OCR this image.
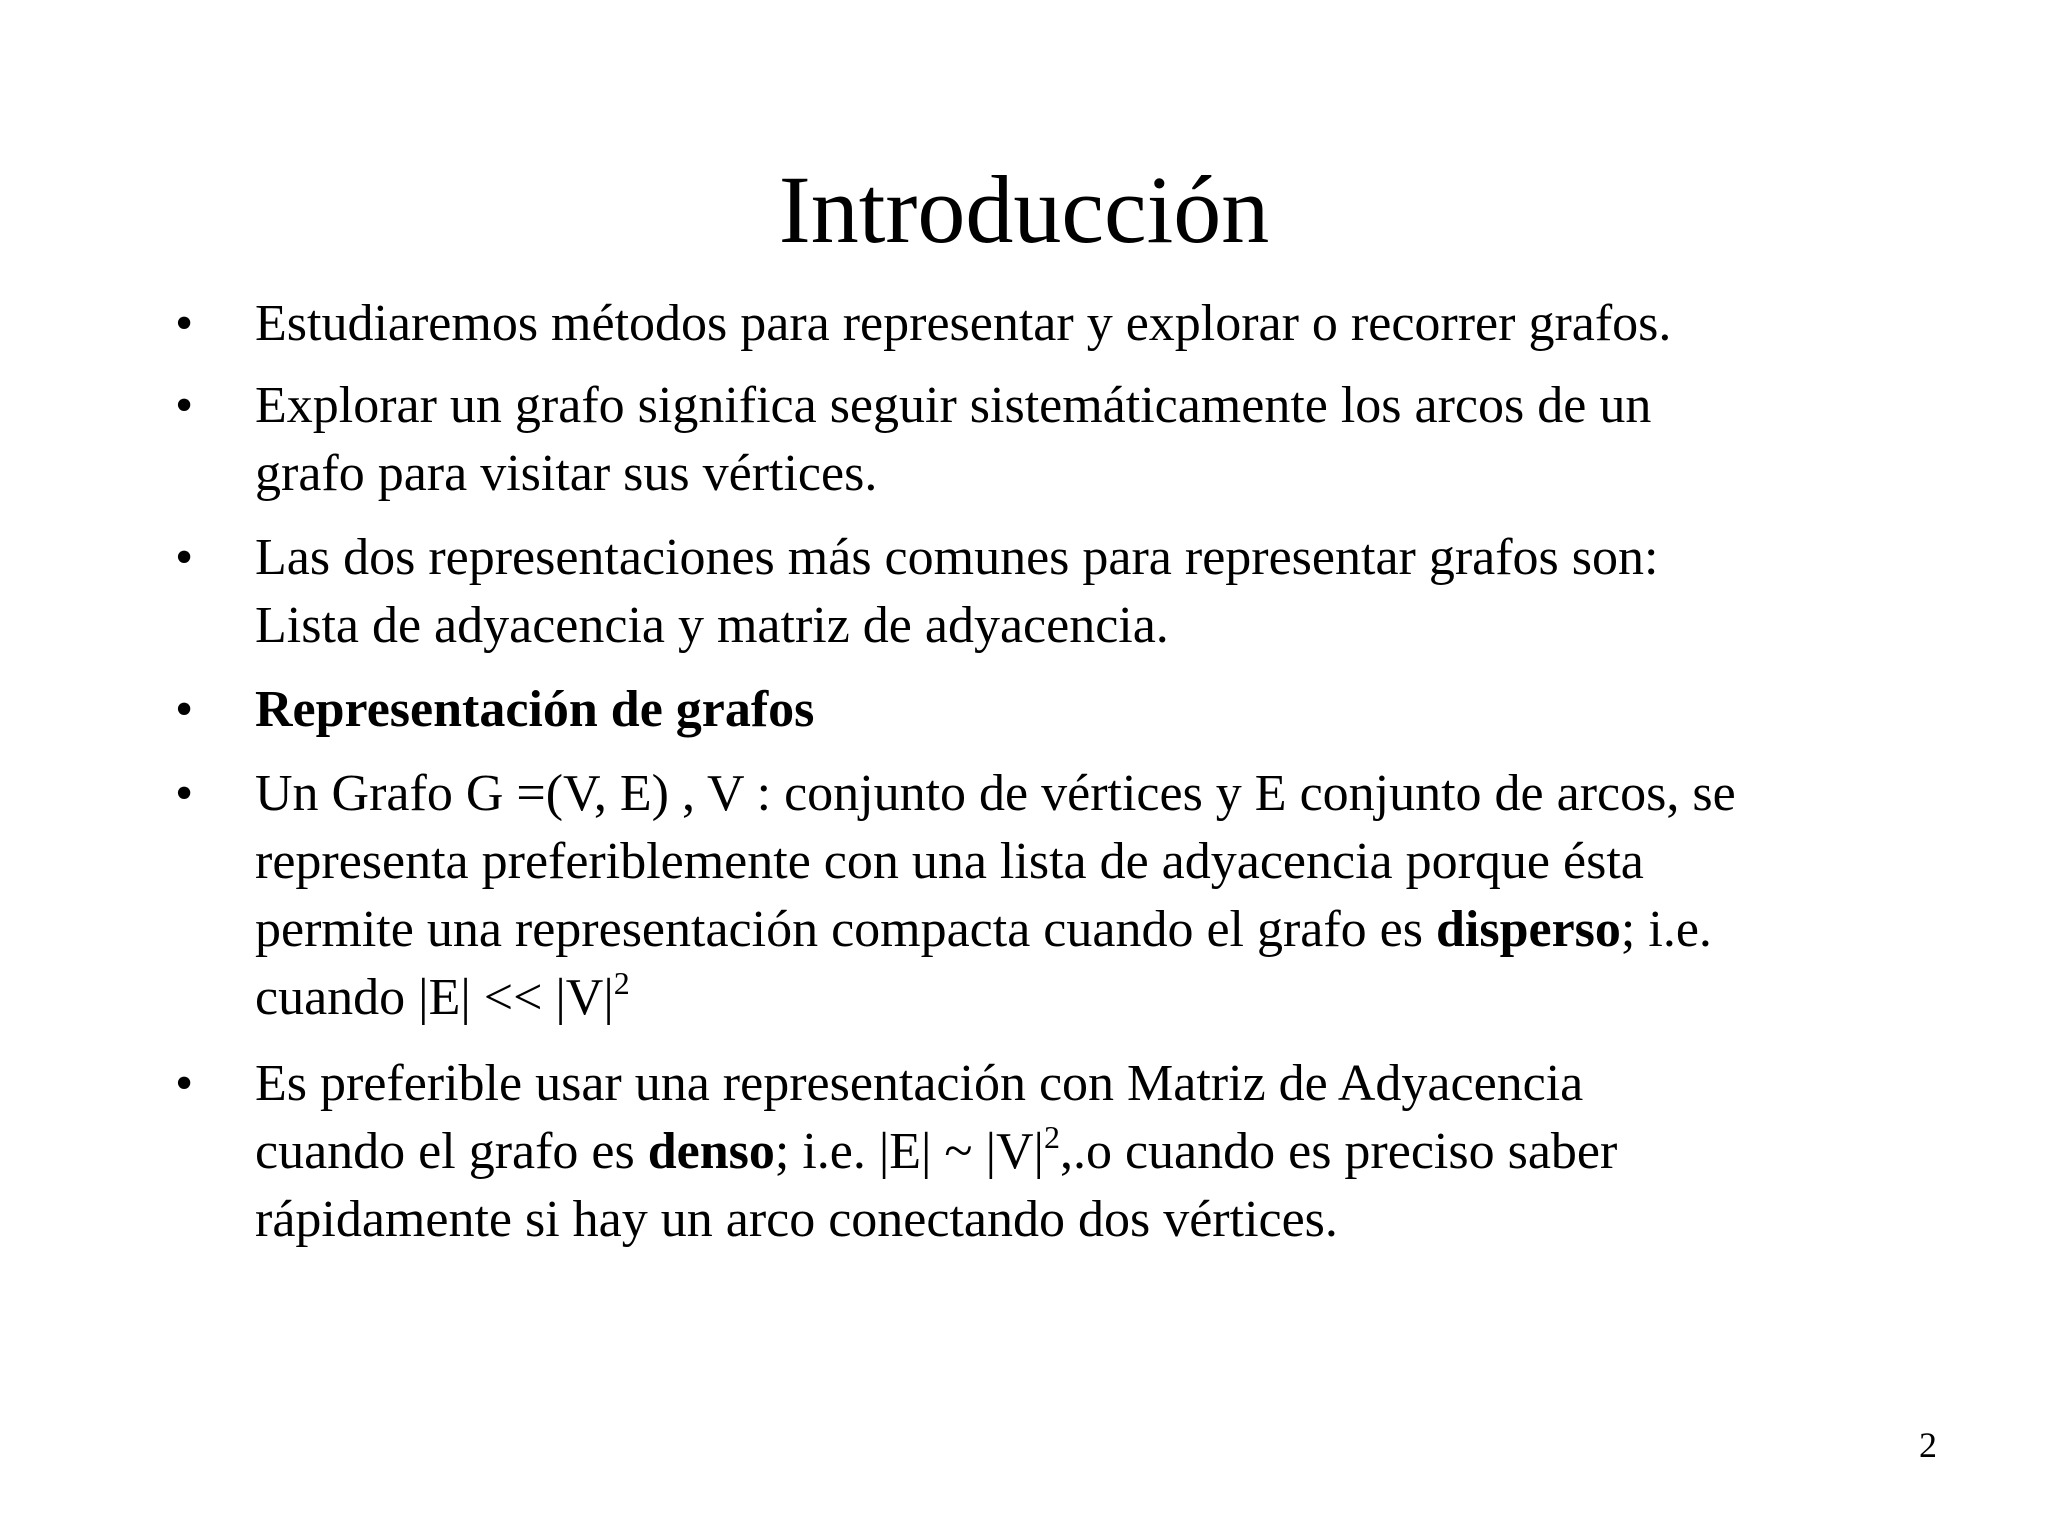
Introducción
•	Estudiaremos métodos para representar y explorar o recorrer grafos.
•	Explorar un grafo significa seguir sistemáticamente los arcos de un
grafo para visitar sus vértices.
•	Las dos representaciones más comunes para representar grafos son:
Lista de adyacencia y matriz de adyacencia.
•	Representación de grafos
•	Un Grafo G =(V, E) , V : conjunto de vértices y E conjunto de arcos, se
representa preferiblemente con una lista de adyacencia porque ésta
permite una representación compacta cuando el grafo es disperso; i.e.
cuando $|E| << |V|^2$
•	Es preferible usar una representación con Matriz de Adyacencia
cuando el grafo es denso; i.e. |E| ~ $|V|^2,.o$ cuando es preciso saber
rápidamente si hay un arco conectando dos vértices.
2
